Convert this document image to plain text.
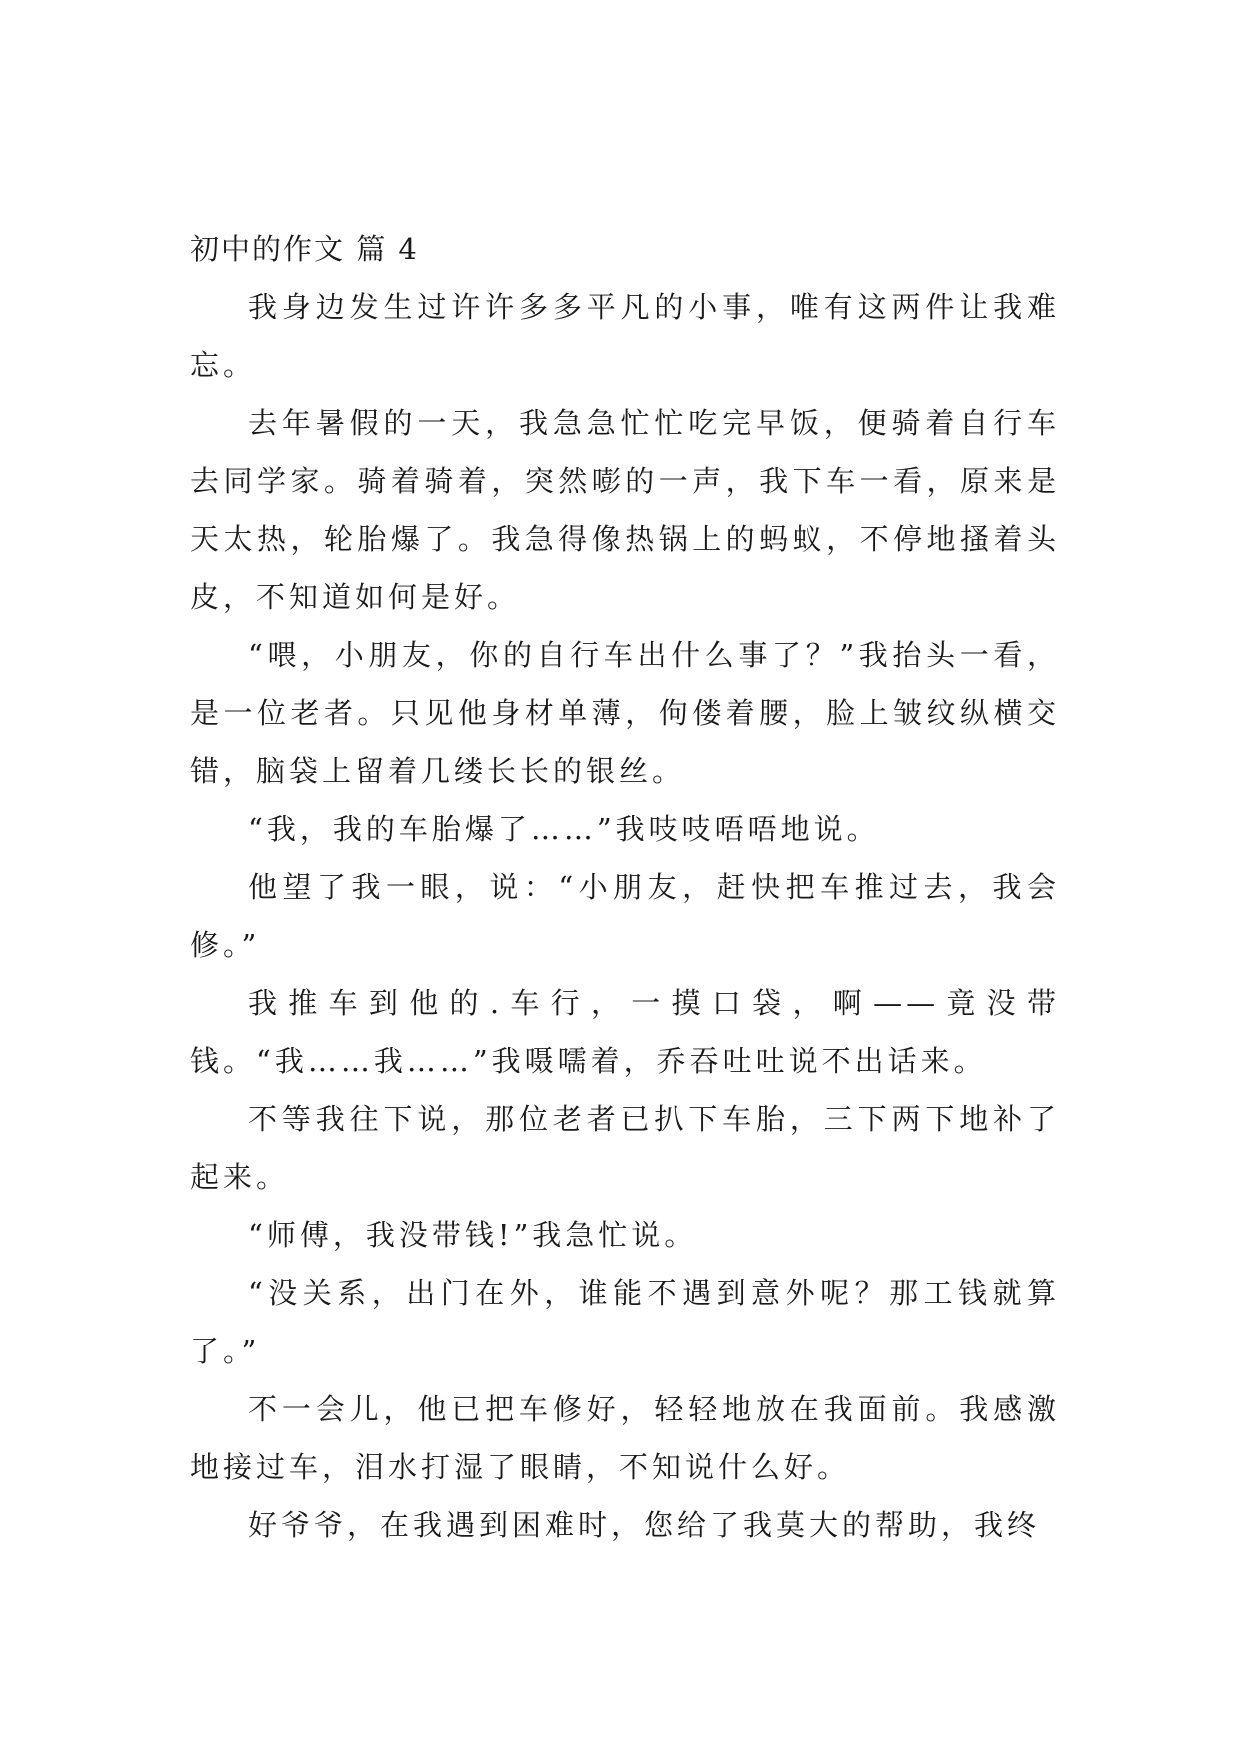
初中的作文 篇 4

我身边发生过许许多多平凡的小事，唯有这两件让我难忘。

去年暑假的一天，我急急忙忙吃完早饭，便骑着自行车去同学家。骑着骑着，突然嘭的一声，我下车一看，原来是天太热，轮胎爆了。我急得像热锅上的蚂蚁，不停地搔着头皮，不知道如何是好。

“喂，小朋友，你的自行车出什么事了？”我抬头一看，是一位老者。只见他身材单薄，佝偻着腰，脸上皱纹纵横交错，脑袋上留着几缕长长的银丝。

“我，我的车胎爆了……”我吱吱唔唔地说。

他望了我一眼，说：“小朋友，赶快把车推过去，我会修。”

我推车到他的.车行，一摸口袋，啊——竟没带钱。“我……我……”我嗫嚅着，乔吞吐吐说不出话来。

不等我往下说，那位老者已扒下车胎，三下两下地补了起来。

“师傅，我没带钱!”我急忙说。

“没关系，出门在外，谁能不遇到意外呢？那工钱就算了。”

不一会儿，他已把车修好，轻轻地放在我面前。我感激地接过车，泪水打湿了眼睛，不知说什么好。

好爷爷，在我遇到困难时，您给了我莫大的帮助，我终
